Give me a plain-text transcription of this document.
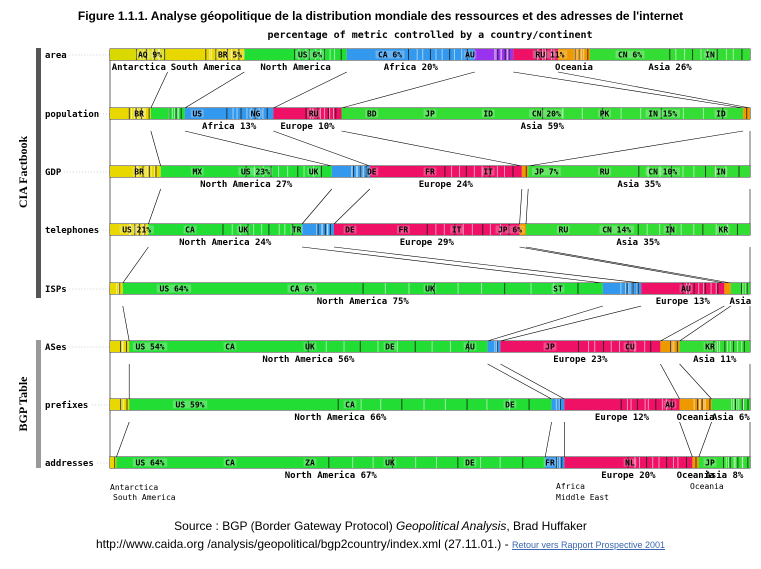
Figure 1.1.1. Analyse géopolitique de la distribution mondiale des ressources et des adresses de l'internet
percentage of metric controlled by a country/continent
CIA Factbook
BGP Table
area
Antarctica South America North America	Africa 20%	Oceania	Asia 26%
AQ 9%	BR 5%	US 6%	CA 6%	AU	RU 11%	CN 6%	IN
population
Africa 13%	Europe 10%	Asia 59%
BR	US	NG	RU	BD	JP	ID	CN 20%	PK	IN 15%	ID
GDP
North America 27%	Europe 24%	Asia 35%
BR	MX	US 23%	UK	DE	FR	IT	JP 7%	RU	CN 10%	IN
telephones
North America 24%	Europe 29%	Asia 35%
US 21%	CA	UK	TR	DE	FR	IT	JP 6%	RU	CN 14%	IN	KR
ISPs
North America 75%	Europe 13% Asia
US 64%	CA 6%	UK	ST	AU
ASes
North America 56%	Europe 23%	Asia 11%
US 54%	CA	UK	DE	AU	JP	CU	KR
prefixes
North America 66%	Europe 12%	Oceania
Asia 6%
US 59%	CA	DE	AU
addresses
North America 67%	Europe 20% Oceania
Asia 8%
US 64%	CA	ZA	UK	DE	FR	NL	JP
Antarctica
South America
Africa
Middle East
Oceania
Source : BGP (Border Gateway Protocol) Geopolitical Analysis, Brad Huffaker
http://www.caida.org /analysis/geopolitical/bgp2country/index.xml (27.11.01.) - Retour vers Rapport Prospective 2001
